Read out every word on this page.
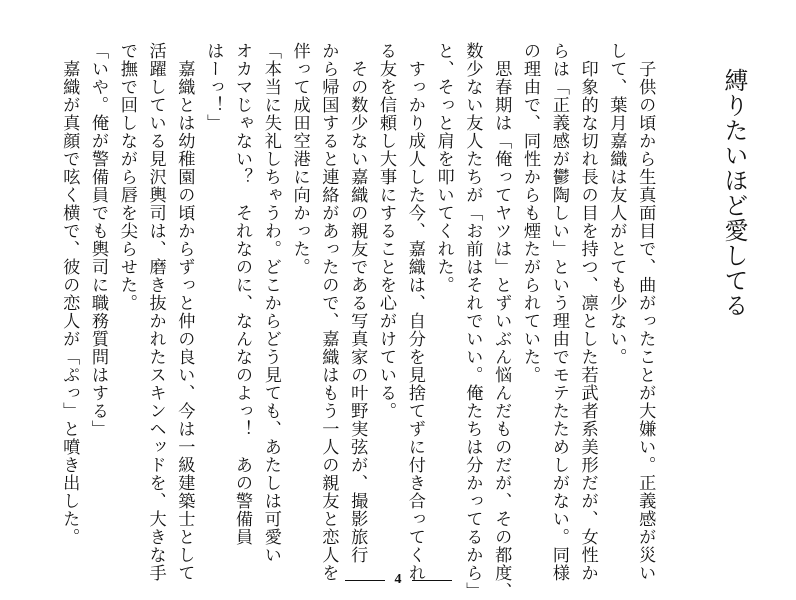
縛りたいほど愛してる
　子供の頃から生真面目で、曲がったことが大嫌い。正義感が災い
して、葉月嘉織は友人がとても少ない。
　印象的な切れ長の目を持つ、凛とした若武者系美形だが、女性か
らは「正義感が鬱陶しい」という理由でモテたためしがない。同様
の理由で、同性からも煙たがられていた。
　思春期は「俺ってヤツは」とずいぶん悩んだものだが、その都度、
数少ない友人たちが「お前はそれでいい。俺たちは分かってるから」
と、そっと肩を叩いてくれた。
　すっかり成人した今、嘉織は、自分を見捨てずに付き合ってくれ
る友を信頼し大事にすることを心がけている。
　その数少ない嘉織の親友である写真家の叶野実弦が、撮影旅行
から帰国すると連絡があったので、嘉織はもう一人の親友と恋人を
伴って成田空港に向かった。
「本当に失礼しちゃうわ。どこからどう見ても、あたしは可愛い
オカマじゃない？　それなのに、なんなのよっ！　あの警備員
はーっ！」
　嘉織とは幼稚園の頃からずっと仲の良い、今は一級建築士として
活躍している見沢輿司は、磨き抜かれたスキンヘッドを、大きな手
で撫で回しながら唇を尖らせた。
「いや。俺が警備員でも輿司に職務質問はする」
　嘉織が真顔で呟く横で、彼の恋人が「ぷっ」と噴き出した。
4
